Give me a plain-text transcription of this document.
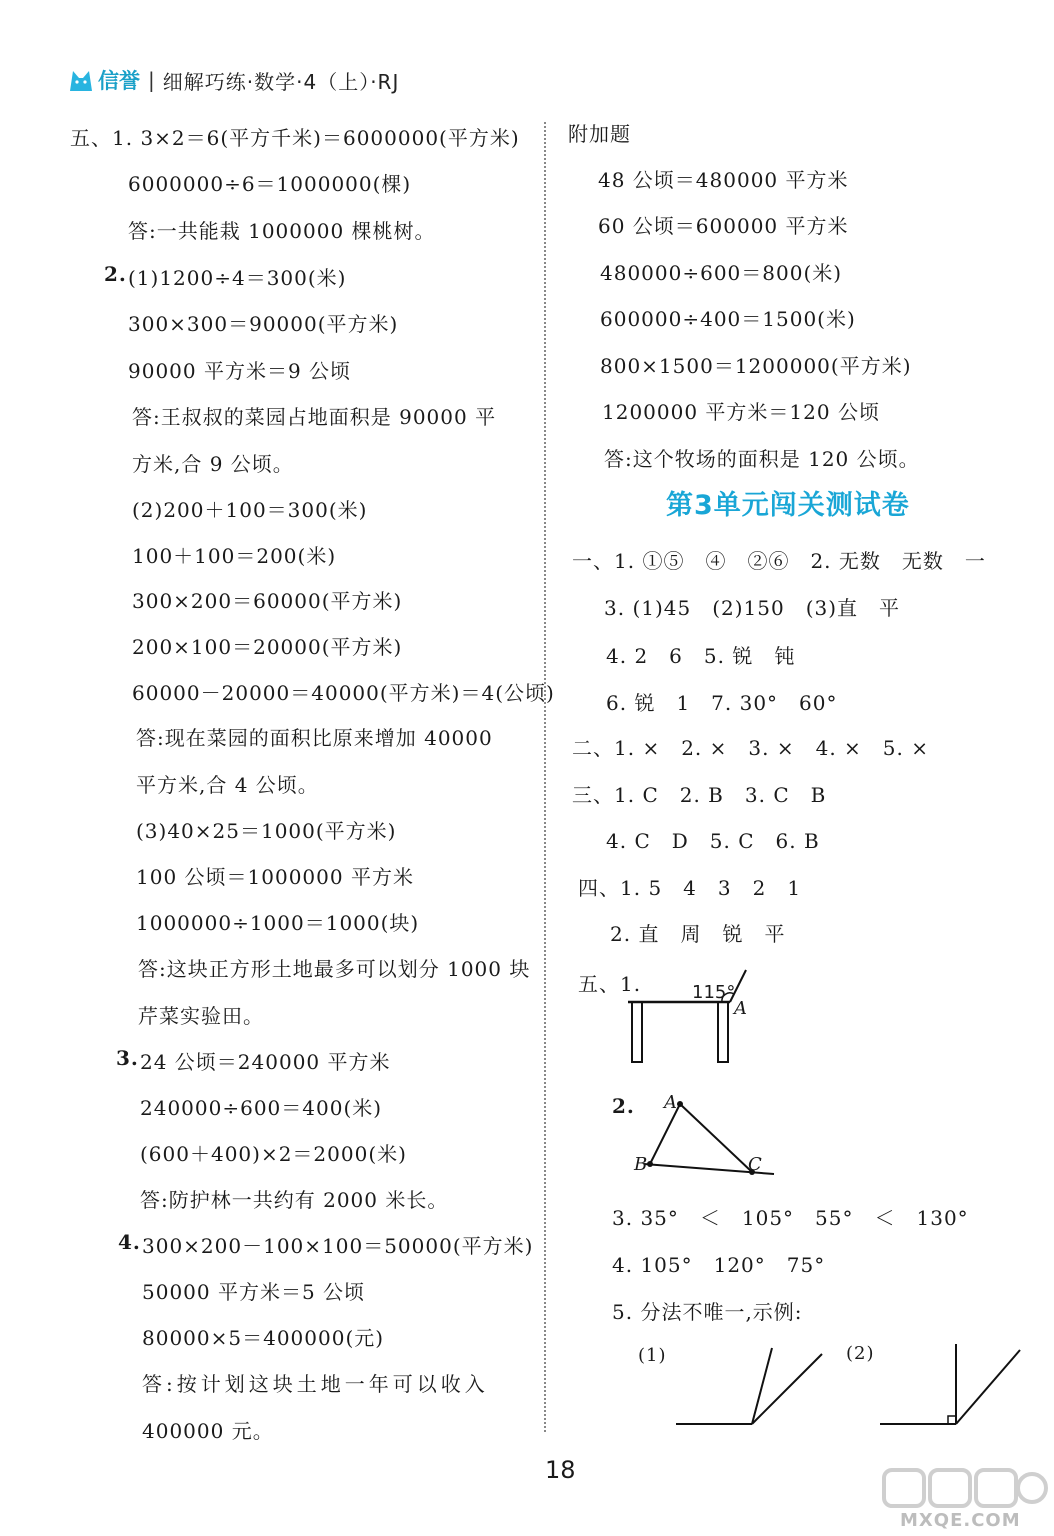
信誉 | 细解巧练·数学·4（上）·RJ
五、1. 3×2＝6(平方千米)＝6000000(平方米)
6000000÷6＝1000000(棵)
答:一共能栽 1000000 棵桃树。
2. (1)1200÷4＝300(米)
300×300＝90000(平方米)
90000 平方米＝9 公顷
答:王叔叔的菜园占地面积是 90000 平
方米,合 9 公顷。
(2)200＋100＝300(米)
100＋100＝200(米)
300×200＝60000(平方米)
200×100＝20000(平方米)
60000－20000＝40000(平方米)＝4(公顷)
答:现在菜园的面积比原来增加 40000
平方米,合 4 公顷。
(3)40×25＝1000(平方米)
100 公顷＝1000000 平方米
1000000÷1000＝1000(块)
答:这块正方形土地最多可以划分 1000 块
芹菜实验田。
3. 24 公顷＝240000 平方米
240000÷600＝400(米)
(600＋400)×2＝2000(米)
答:防护林一共约有 2000 米长。
4. 300×200－100×100＝50000(平方米)
50000 平方米＝5 公顷
80000×5＝400000(元)
答:按计划这块土地一年可以收入
400000 元。
附加题
48 公顷＝480000 平方米
60 公顷＝600000 平方米
480000÷600＝800(米)
600000÷400＝1500(米)
800×1500＝1200000(平方米)
1200000 平方米＝120 公顷
答:这个牧场的面积是 120 公顷。
第3单元闯关测试卷
一、1. ①⑤　④　②⑥　2. 无数　无数　一
3. (1)45　(2)150　(3)直　平
4. 2　6　5. 锐　钝
6. 锐　1　7. 30°　60°
二、1. ×　2. ×　3. ×　4. ×　5. ×
三、1. C　2. B　3. C　B
4. C　D　5. C　6. B
四、1. 5　4　3　2　1
2. 直　周　锐　平
五、1.	115°
A
2. A
B	C
3. 35°　＜　105°　55°　＜　130°
4. 105°　120°　75°
5. 分法不唯一,示例:
(1)	(2)
18
MXQE.COM
